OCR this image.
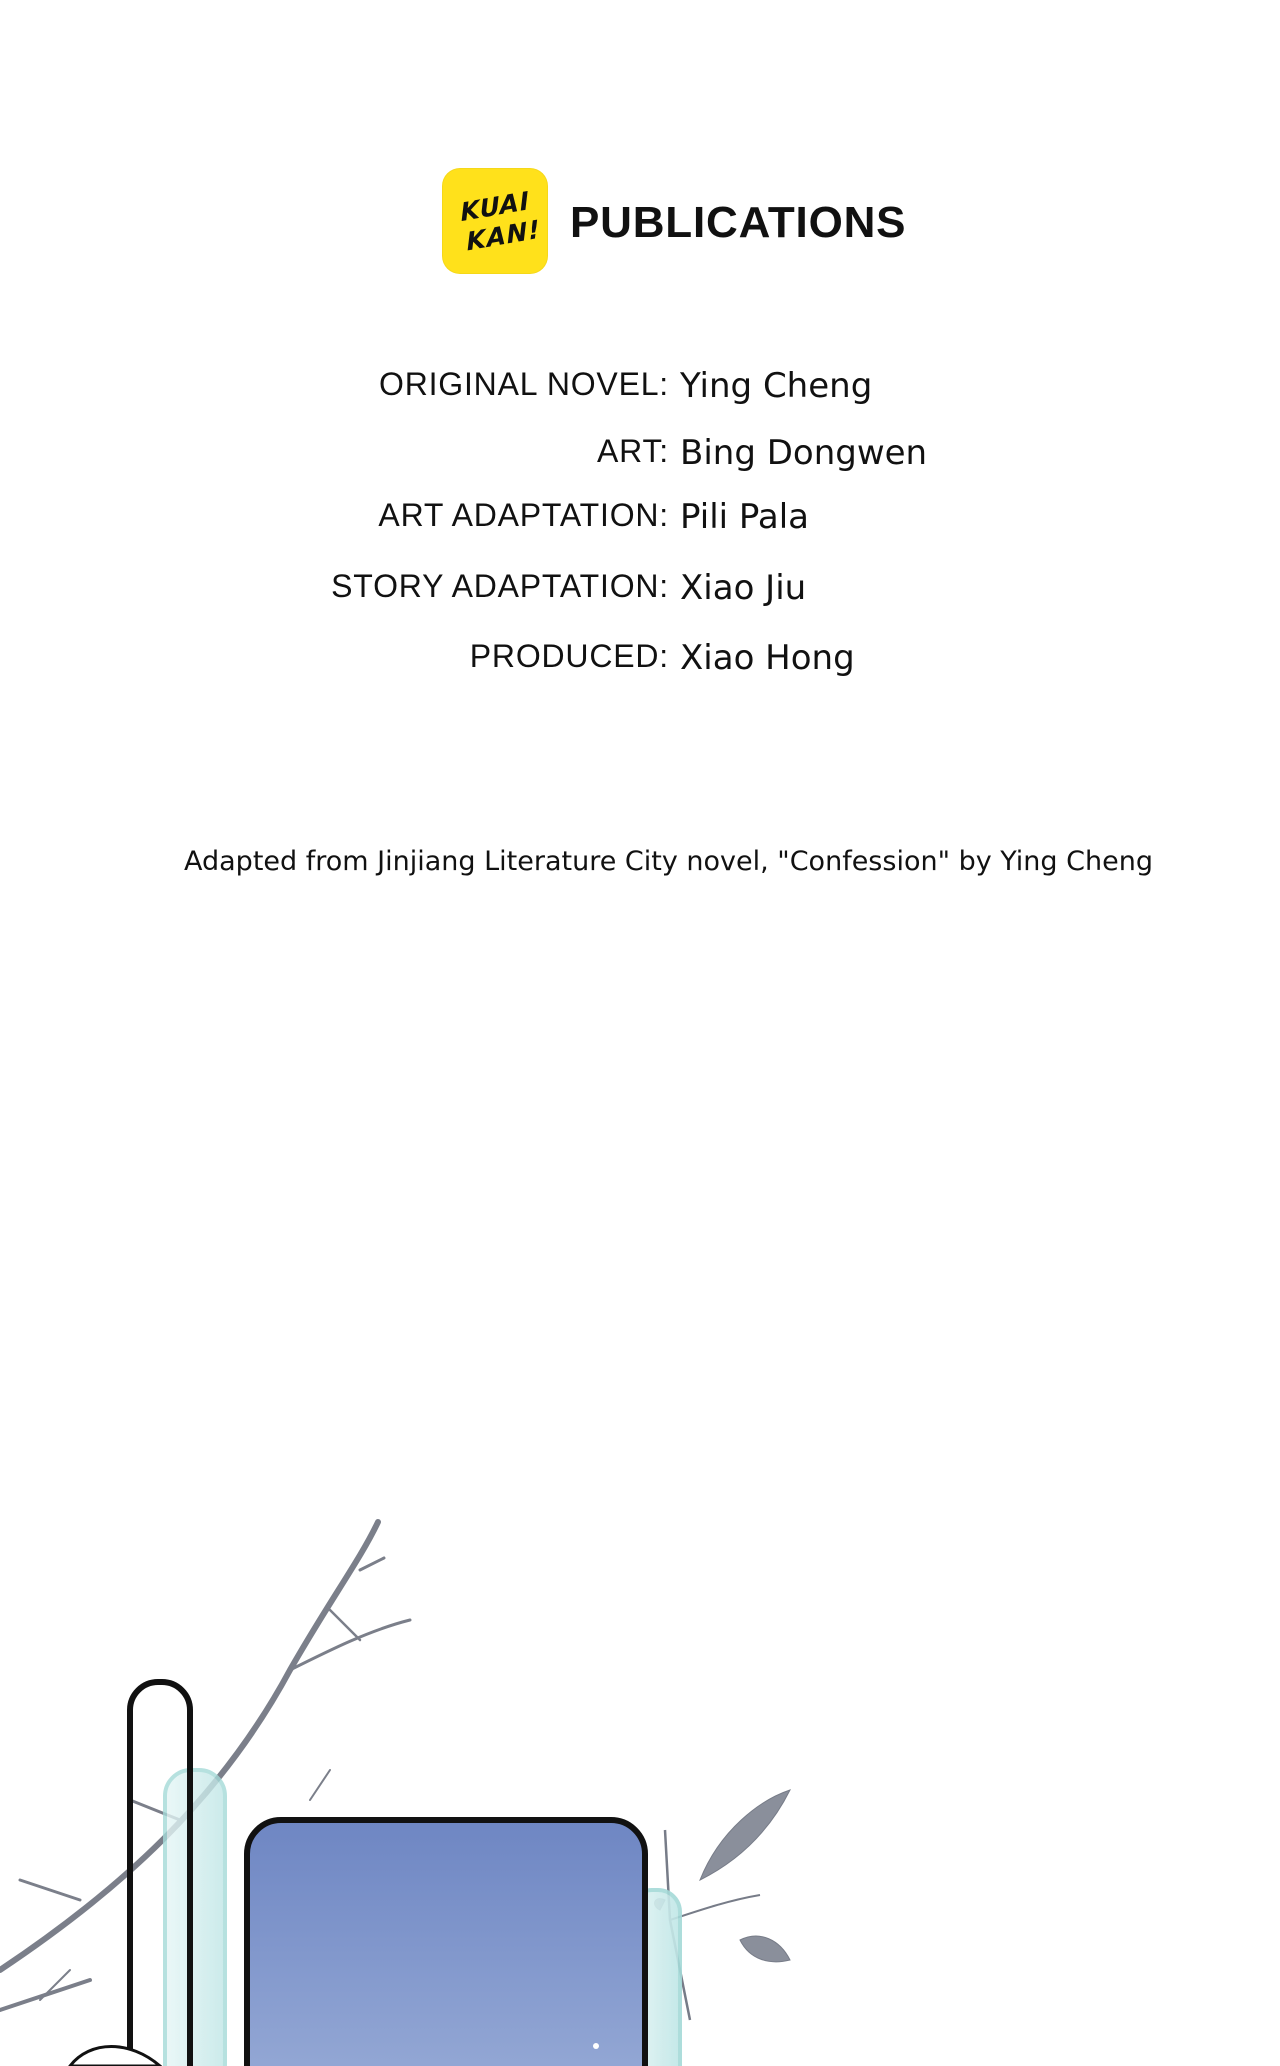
KUAI
KAN! PUBLICATIONS
ORIGINAL NOVEL: Ying Cheng
ART: Bing Dongwen
ART ADAPTATION: Pili Pala
STORY ADAPTATION: Xiao Jiu
PRODUCED: Xiao Hong
Adapted from Jinjiang Literature City novel, "Confession" by Ying Cheng
